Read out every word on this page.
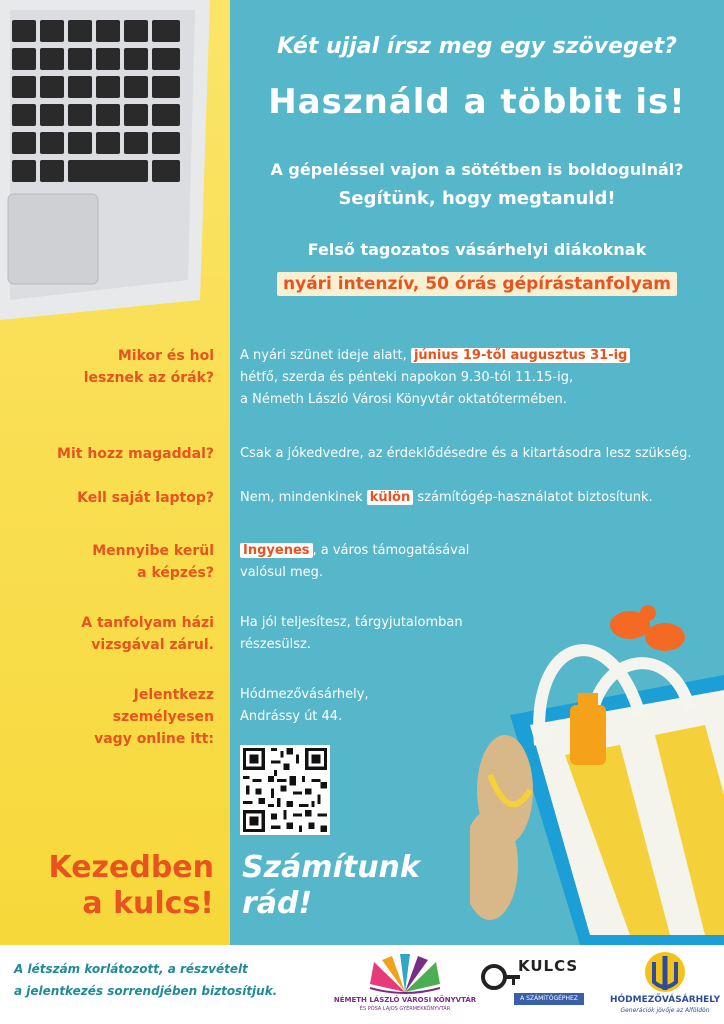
Két ujjal írsz meg egy szöveget?
Használd a többit is!
A gépeléssel vajon a sötétben is boldogulnál?
Segítünk, hogy megtanuld!
Felső tagozatos vásárhelyi diákoknak
nyári intenzív, 50 órás gépírástanfolyam
Mikor és hol
lesznek az órák?
A nyári szünet ideje alatt, június 19-től augusztus 31-ig
hétfő, szerda és pénteki napokon 9.30-tól 11.15-ig,
a Németh László Városi Könyvtár oktatótermében.
Mit hozz magaddal? Csak a jókedvedre, az érdeklődésedre és a kitartásodra lesz szükség.
Kell saját laptop? Nem, mindenkinek külön számítógép-használatot biztosítunk.
Mennyibe kerül
a képzés?
Ingyenes , a város támogatásával
valósul meg.
A tanfolyam házi
vizsgával zárul.
Ha jól teljesítesz, tárgyjutalomban
részesülsz.
Jelentkezz
személyesen
vagy online itt:
Hódmezővásárhely,
Andrássy út 44.
Kezedben
a kulcs!
Számítunk
rád!
A létszám korlátozott, a részvételt
a jelentkezés sorrendjében biztosítjuk.
NÉMETH LÁSZLÓ VÁROSI KÖNYVTÁR
ÉS PÓSA LAJOS GYERMEKKÖNYVTÁR
KULCS
A SZÁMÍTÓGÉPHEZ	HÓDMEZŐVÁSÁRHELY
Generációk jövője az Alföldön
